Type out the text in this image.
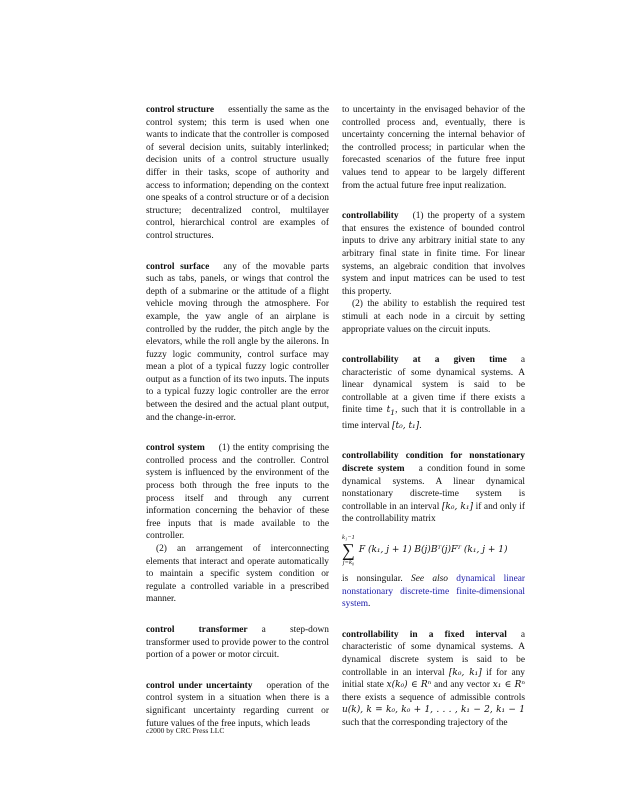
control structure essentially the same as the control system; this term is used when one wants to indicate that the controller is composed of several decision units, suitably interlinked; decision units of a control structure usually differ in their tasks, scope of authority and access to information; depending on the context one speaks of a control structure or of a decision structure; decentralized control, multilayer control, hierarchical control are examples of control structures.

control surface any of the movable parts such as tabs, panels, or wings that control the depth of a submarine or the attitude of a flight vehicle moving through the atmosphere. For example, the yaw angle of an airplane is controlled by the rudder, the pitch angle by the elevators, while the roll angle by the ailerons. In fuzzy logic community, control surface may mean a plot of a typical fuzzy logic controller output as a function of its two inputs. The inputs to a typical fuzzy logic controller are the error between the desired and the actual plant output, and the change-in-error.

control system (1) the entity comprising the controlled process and the controller. Control system is influenced by the environment of the process both through the free inputs to the process itself and through any current information concerning the behavior of these free inputs that is made available to the controller.

(2) an arrangement of interconnecting elements that interact and operate automatically to maintain a specific system condition or regulate a controlled variable in a prescribed manner.

control transformer a step-down transformer used to provide power to the control portion of a power or motor circuit.

control under uncertainty operation of the control system in a situation when there is a significant uncertainty regarding current or future values of the free inputs, which leads

to uncertainty in the envisaged behavior of the controlled process and, eventually, there is uncertainty concerning the internal behavior of the controlled process; in particular when the forecasted scenarios of the future free input values tend to appear to be largely different from the actual future free input realization.

controllability (1) the property of a system that ensures the existence of bounded control inputs to drive any arbitrary initial state to any arbitrary final state in finite time. For linear systems, an algebraic condition that involves system and input matrices can be used to test this property.

(2) the ability to establish the required test stimuli at each node in a circuit by setting appropriate values on the circuit inputs.

controllability at a given time a characteristic of some dynamical systems. A linear dynamical system is said to be controllable at a given time if there exists a finite time $t_1$, such that it is controllable in a time interval [t₀, t₁].

controllability condition for nonstationary discrete system a condition found in some dynamical systems. A linear dynamical nonstationary discrete-time system is controllable in an interval [k₀, k₁] if and only if the controllability matrix

k₁−1
∑
j=k₀
F (k₁, j + 1) B(j)Bᵀ(j)Fᵀ (k₁, j + 1)

is nonsingular. See also dynamical linear nonstationary discrete-time finite-dimensional system.

controllability in a fixed interval a characteristic of some dynamical systems. A dynamical discrete system is said to be controllable in an interval [k₀, k₁] if for any initial state x(k₀) ∈ Rⁿ and any vector x₁ ∈ Rⁿ there exists a sequence of admissible controls u(k), k = k₀, k₀ + 1, . . . , k₁ − 2, k₁ − 1 such that the corresponding trajectory of the

c2000 by CRC Press LLC
